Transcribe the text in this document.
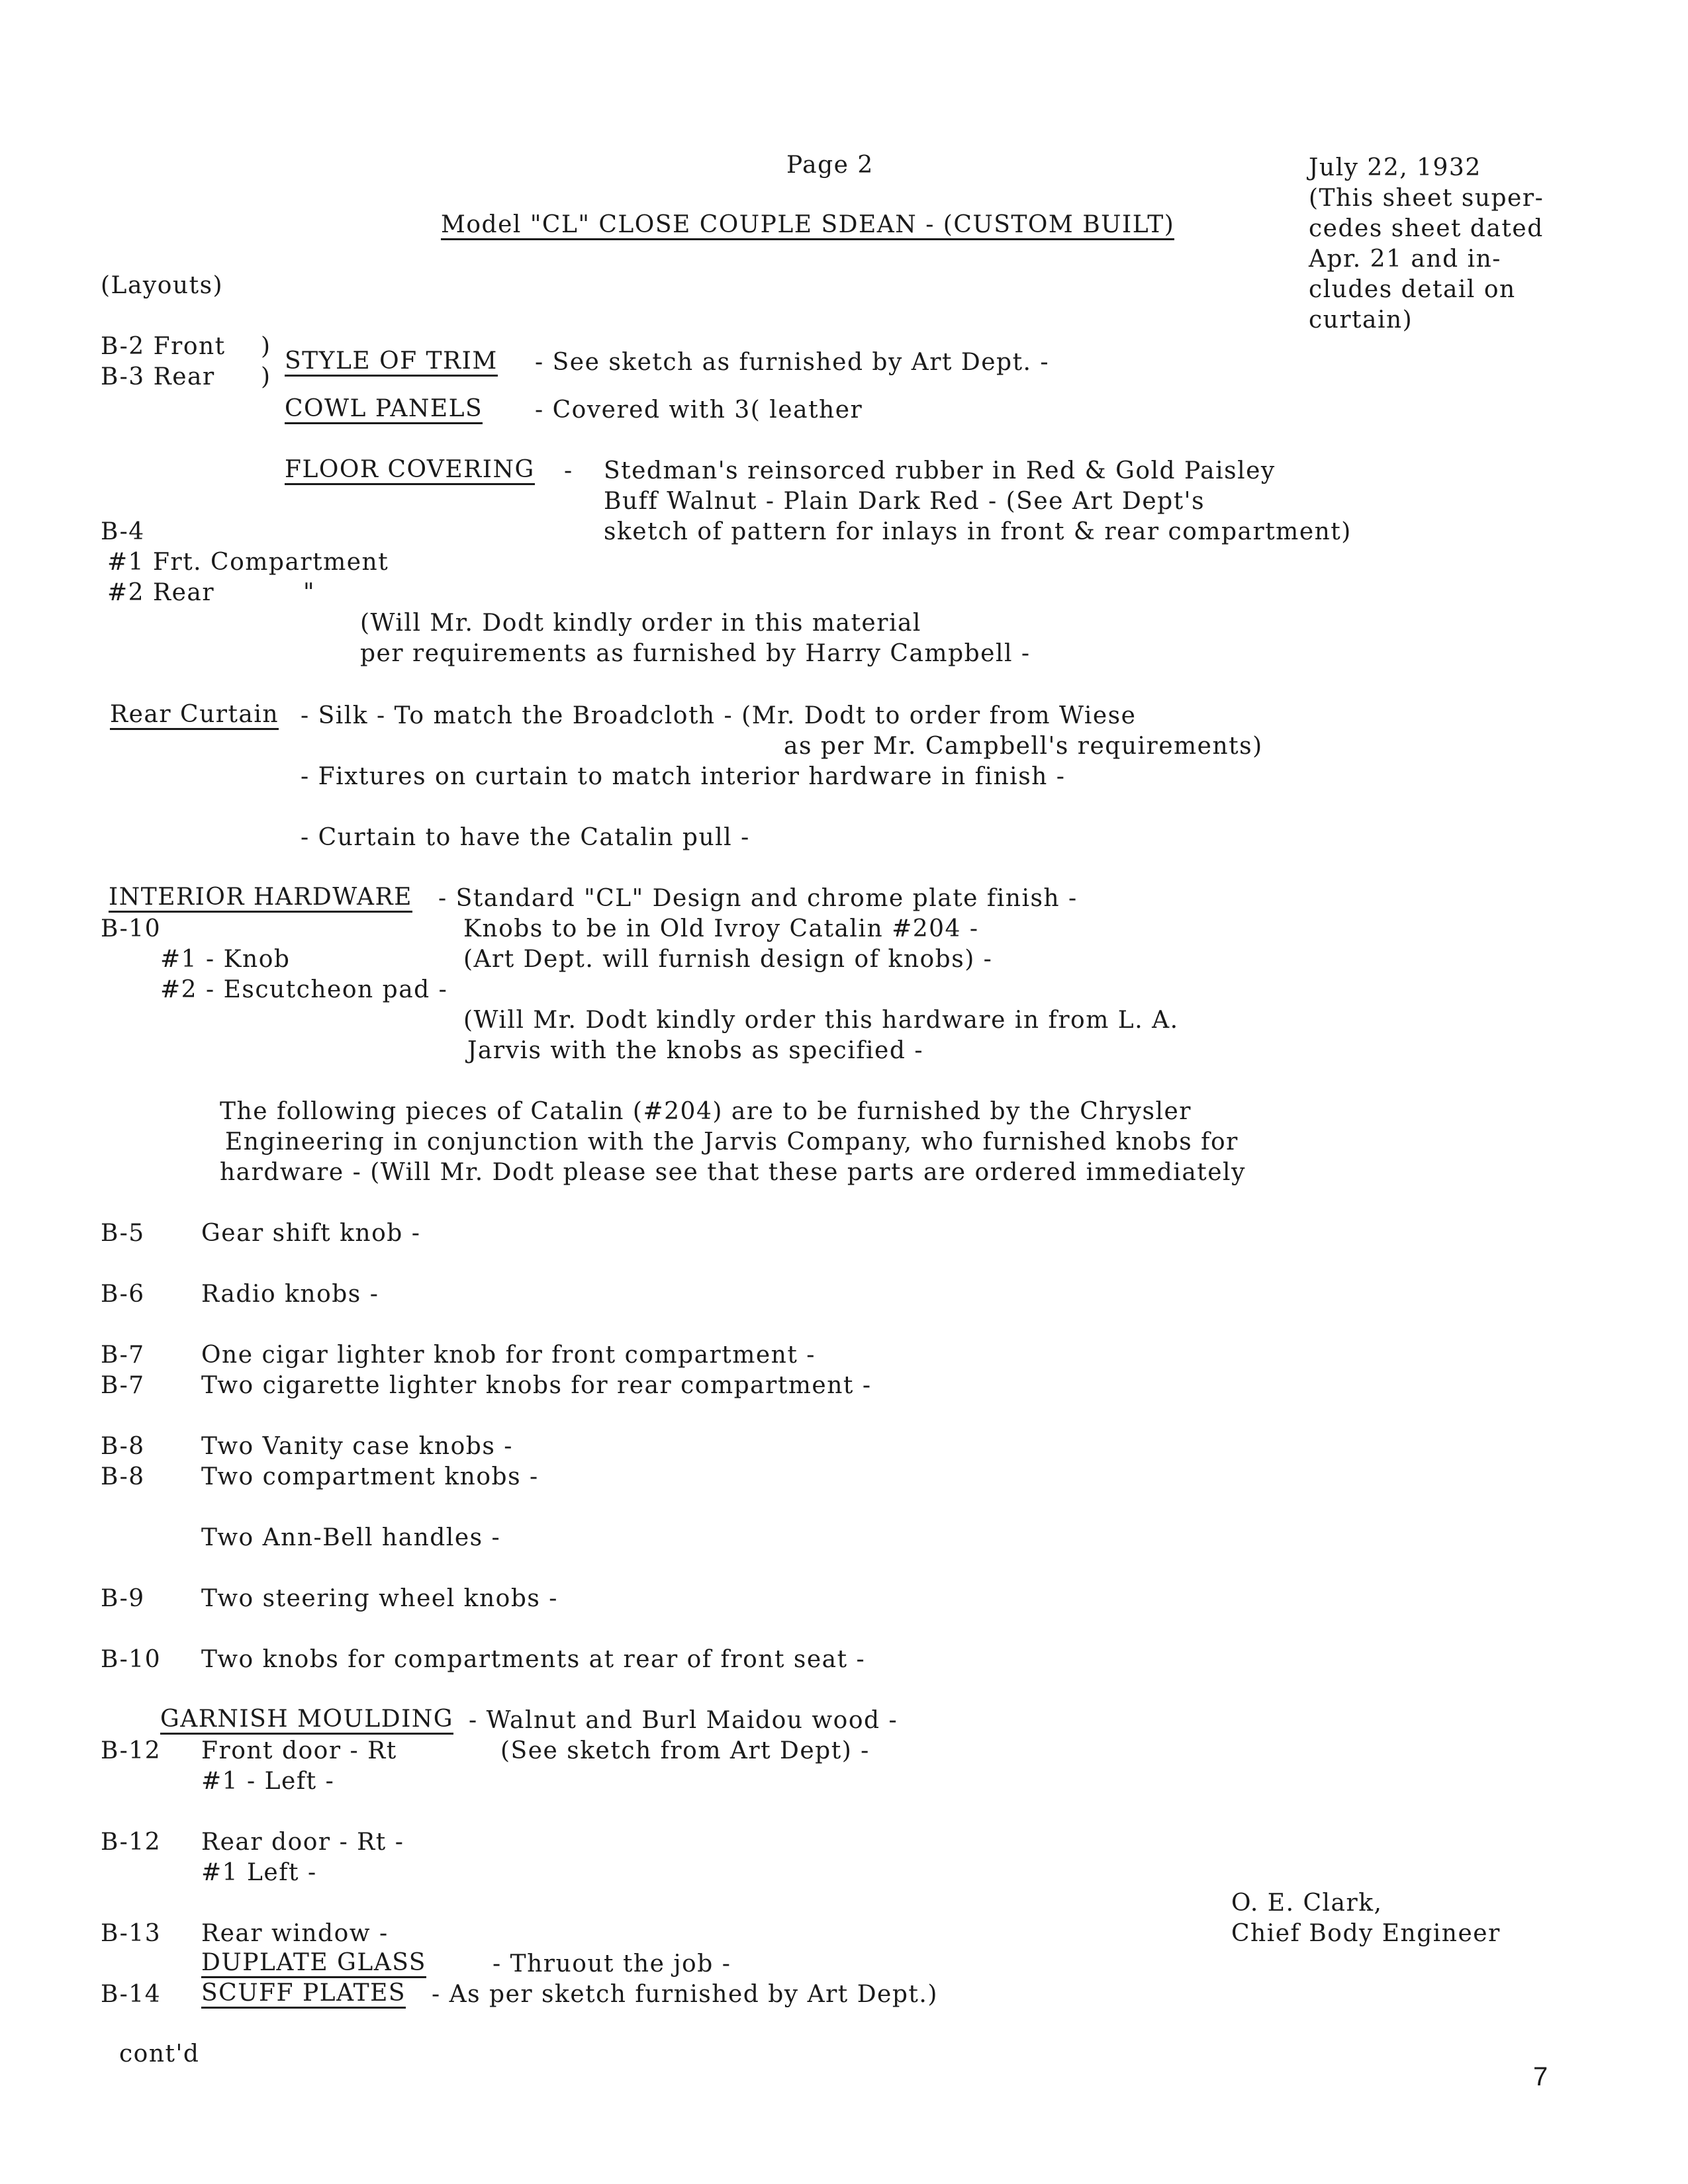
Page 2	July 22, 1932
(This sheet super-
cedes sheet dated
Apr. 21 and in-
cludes detail on
curtain)
Model "CL" CLOSE COUPLE SDEAN - (CUSTOM BUILT)
(Layouts)
B-2 Front )
B-3 Rear )
STYLE OF TRIM - See sketch as furnished by Art Dept. -
COWL PANELS - Covered with 3( leather
FLOOR COVERING - Stedman's reinsorced rubber in Red & Gold Paisley
Buff Walnut - Plain Dark Red - (See Art Dept's
B-4	sketch of pattern for inlays in front & rear compartment)
#1 Frt. Compartment
#2 Rear	"
(Will Mr. Dodt kindly order in this material
per requirements as furnished by Harry Campbell -
Rear Curtain - Silk - To match the Broadcloth - (Mr. Dodt to order from Wiese
as per Mr. Campbell's requirements)
- Fixtures on curtain to match interior hardware in finish -
- Curtain to have the Catalin pull -
INTERIOR HARDWARE - Standard "CL" Design and chrome plate finish -
B-10	Knobs to be in Old Ivroy Catalin #204 -
#1 - Knob	(Art Dept. will furnish design of knobs) -
#2 - Escutcheon pad -
(Will Mr. Dodt kindly order this hardware in from L. A.
Jarvis with the knobs as specified -
The following pieces of Catalin (#204) are to be furnished by the Chrysler
Engineering in conjunction with the Jarvis Company, who furnished knobs for
hardware - (Will Mr. Dodt please see that these parts are ordered immediately
B-5 Gear shift knob -
B-6 Radio knobs -
B-7 One cigar lighter knob for front compartment -
B-7 Two cigarette lighter knobs for rear compartment -
B-8 Two Vanity case knobs -
B-8 Two compartment knobs -
Two Ann-Bell handles -
B-9 Two steering wheel knobs -
B-10 Two knobs for compartments at rear of front seat -
GARNISH MOULDING - Walnut and Burl Maidou wood -
B-12 Front door - Rt	(See sketch from Art Dept) -
#1 - Left -
B-12 Rear door - Rt -
#1 Left -
B-13 Rear window -
DUPLATE GLASS	- Thruout the job -
B-14 SCUFF PLATES - As per sketch furnished by Art Dept.)
O. E. Clark,
Chief Body Engineer
cont'd
7
